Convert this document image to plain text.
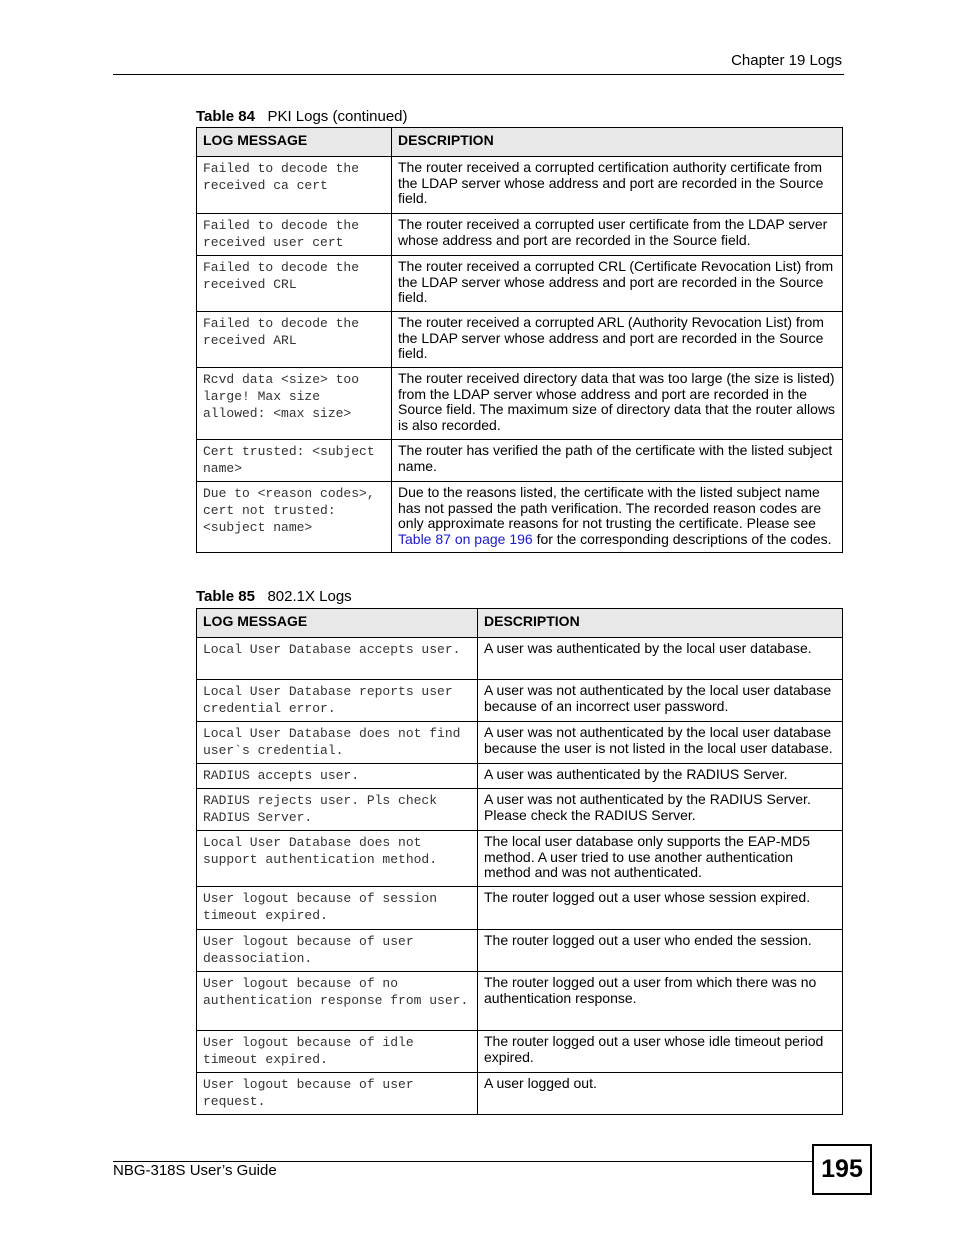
Chapter 19 Logs
Table 84 PKI Logs (continued)
LOG MESSAGE	DESCRIPTION
Failed to decode the received ca cert	The router received a corrupted certification authority certificate from the LDAP server whose address and port are recorded in the Source field.
Failed to decode the received user cert	The router received a corrupted user certificate from the LDAP server whose address and port are recorded in the Source field.
Failed to decode the received CRL	The router received a corrupted CRL (Certificate Revocation List) from the LDAP server whose address and port are recorded in the Source field.
Failed to decode the received ARL	The router received a corrupted ARL (Authority Revocation List) from the LDAP server whose address and port are recorded in the Source field.
Rcvd data <size> too large! Max size allowed: <max size>	The router received directory data that was too large (the size is listed) from the LDAP server whose address and port are recorded in the Source field. The maximum size of directory data that the router allows is also recorded.
Cert trusted: <subject name>	The router has verified the path of the certificate with the listed subject name.
Due to <reason codes>, cert not trusted: <subject name>	Due to the reasons listed, the certificate with the listed subject name has not passed the path verification. The recorded reason codes are only approximate reasons for not trusting the certificate. Please see Table 87 on page 196 for the corresponding descriptions of the codes.
Table 85 802.1X Logs
LOG MESSAGE	DESCRIPTION
Local User Database accepts user.	A user was authenticated by the local user database.
Local User Database reports user credential error.	A user was not authenticated by the local user database because of an incorrect user password.
Local User Database does not find user`s credential.	A user was not authenticated by the local user database because the user is not listed in the local user database.
RADIUS accepts user.	A user was authenticated by the RADIUS Server.
RADIUS rejects user. Pls check RADIUS Server.	A user was not authenticated by the RADIUS Server. Please check the RADIUS Server.
Local User Database does not support authentication method.	The local user database only supports the EAP-MD5 method. A user tried to use another authentication method and was not authenticated.
User logout because of session timeout expired.	The router logged out a user whose session expired.
User logout because of user deassociation.	The router logged out a user who ended the session.
User logout because of no authentication response from user.	The router logged out a user from which there was no authentication response.
User logout because of idle timeout expired.	The router logged out a user whose idle timeout period expired.
User logout because of user request.	A user logged out.
NBG-318S User’s Guide	195
